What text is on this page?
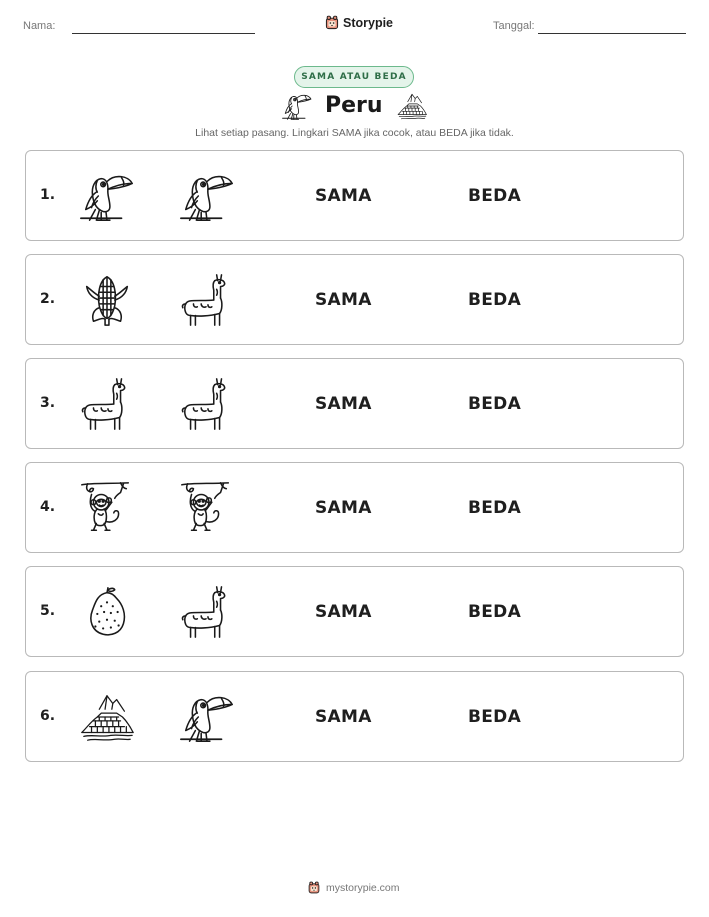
Nama:	Storypie	Tanggal:
SAMA ATAU BEDA
Peru
Lihat setiap pasang. Lingkari SAMA jika cocok, atau BEDA jika tidak.
1.	SAMA	BEDA
2.	SAMA	BEDA
3.	SAMA	BEDA
4.	SAMA	BEDA
5.	SAMA	BEDA
6.	SAMA	BEDA
mystorypie.com
